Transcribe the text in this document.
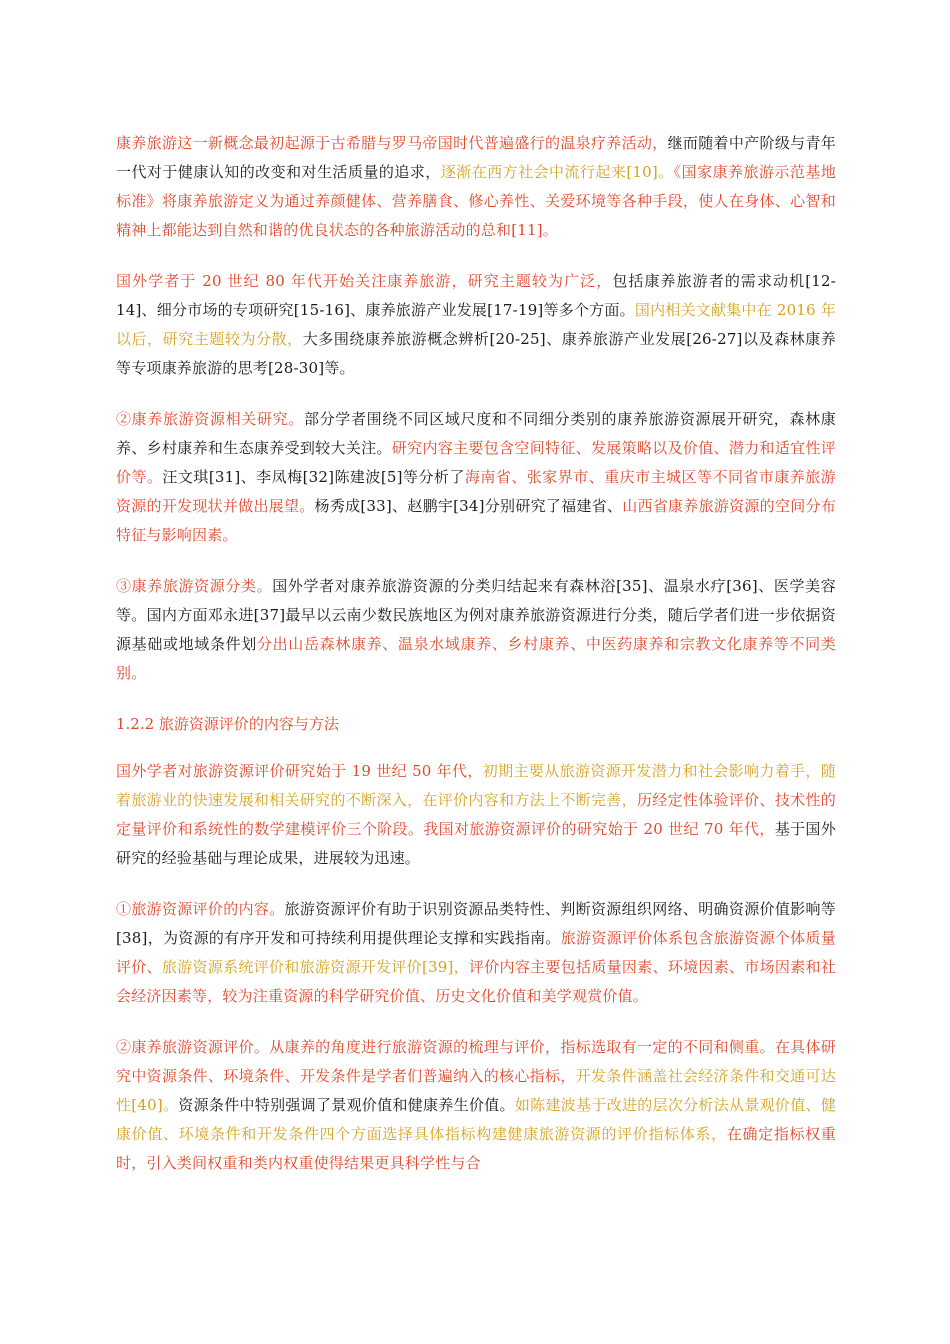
康养旅游这一新概念最初起源于古希腊与罗马帝国时代普遍盛行的温泉疗养活动，继而随着中产阶级与青年一代对于健康认知的改变和对生活质量的追求，逐渐在西方社会中流行起来[10]。《国家康养旅游示范基地标准》将康养旅游定义为通过养颜健体、营养膳食、修心养性、关爱环境等各种手段，使人在身体、心智和精神上都能达到自然和谐的优良状态的各种旅游活动的总和[11]。

国外学者于 20 世纪 80 年代开始关注康养旅游，研究主题较为广泛，包括康养旅游者的需求动机[12-14]、细分市场的专项研究[15-16]、康养旅游产业发展[17-19]等多个方面。国内相关文献集中在 2016 年以后，研究主题较为分散，大多围绕康养旅游概念辨析[20-25]、康养旅游产业发展[26-27]以及森林康养等专项康养旅游的思考[28-30]等。

②康养旅游资源相关研究。部分学者围绕不同区域尺度和不同细分类别的康养旅游资源展开研究，森林康养、乡村康养和生态康养受到较大关注。研究内容主要包含空间特征、发展策略以及价值、潜力和适宜性评价等。汪文琪[31]、李凤梅[32]陈建波[5]等分析了海南省、张家界市、重庆市主城区等不同省市康养旅游资源的开发现状并做出展望。杨秀成[33]、赵鹏宇[34]分别研究了福建省、山西省康养旅游资源的空间分布特征与影响因素。

③康养旅游资源分类。国外学者对康养旅游资源的分类归结起来有森林浴[35]、温泉水疗[36]、医学美容等。国内方面邓永进[37]最早以云南少数民族地区为例对康养旅游资源进行分类，随后学者们进一步依据资源基础或地域条件划分出山岳森林康养、温泉水域康养、乡村康养、中医药康养和宗教文化康养等不同类别。

1.2.2 旅游资源评价的内容与方法

国外学者对旅游资源评价研究始于 19 世纪 50 年代，初期主要从旅游资源开发潜力和社会影响力着手，随着旅游业的快速发展和相关研究的不断深入，在评价内容和方法上不断完善，历经定性体验评价、技术性的定量评价和系统性的数学建模评价三个阶段。我国对旅游资源评价的研究始于 20 世纪 70 年代，基于国外研究的经验基础与理论成果，进展较为迅速。

①旅游资源评价的内容。旅游资源评价有助于识别资源品类特性、判断资源组织网络、明确资源价值影响等[38]，为资源的有序开发和可持续利用提供理论支撑和实践指南。旅游资源评价体系包含旅游资源个体质量评价、旅游资源系统评价和旅游资源开发评价[39]，评价内容主要包括质量因素、环境因素、市场因素和社会经济因素等，较为注重资源的科学研究价值、历史文化价值和美学观赏价值。

②康养旅游资源评价。从康养的角度进行旅游资源的梳理与评价，指标选取有一定的不同和侧重。在具体研究中资源条件、环境条件、开发条件是学者们普遍纳入的核心指标，开发条件涵盖社会经济条件和交通可达性[40]。资源条件中特别强调了景观价值和健康养生价值。如陈建波基于改进的层次分析法从景观价值、健康价值、环境条件和开发条件四个方面选择具体指标构建健康旅游资源的评价指标体系，在确定指标权重时，引入类间权重和类内权重使得结果更具科学性与合
